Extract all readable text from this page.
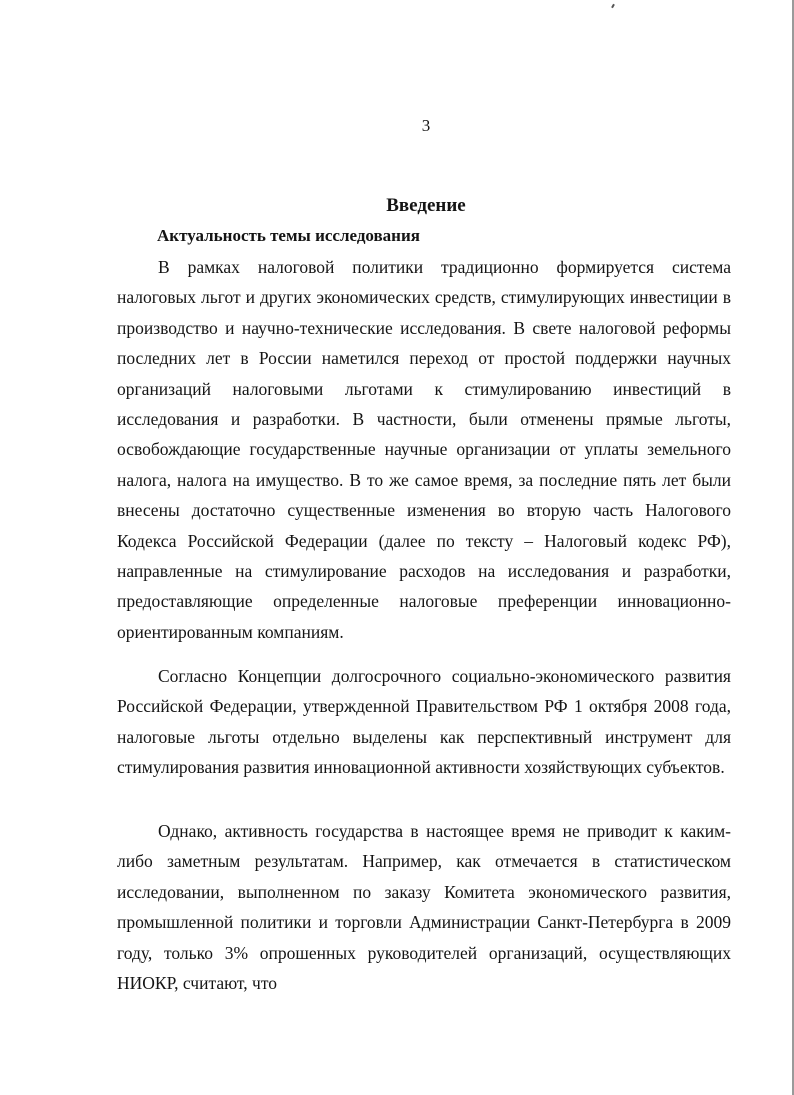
3
Введение
Актуальность темы исследования

В рамках налоговой политики традиционно формируется система налоговых льгот и других экономических средств, стимулирующих инвестиции в производство и научно-технические исследования. В свете налоговой реформы последних лет в России наметился переход от простой поддержки научных организаций налоговыми льготами к стимулированию инвестиций в исследования и разработки. В частности, были отменены прямые льготы, освобождающие государственные научные организации от уплаты земельного налога, налога на имущество. В то же самое время, за последние пять лет были внесены достаточно существенные изменения во вторую часть Налогового Кодекса Российской Федерации (далее по тексту – Налоговый кодекс РФ), направленные на стимулирование расходов на исследования и разработки, предоставляющие определенные налоговые преференции инновационно-ориентированным компаниям.

Согласно Концепции долгосрочного социально-экономического развития Российской Федерации, утвержденной Правительством РФ 1 октября 2008 года, налоговые льготы отдельно выделены как перспективный инструмент для стимулирования развития инновационной активности хозяйствующих субъектов.

Однако, активность государства в настоящее время не приводит к каким-либо заметным результатам. Например, как отмечается в статистическом исследовании, выполненном по заказу Комитета экономического развития, промышленной политики и торговли Администрации Санкт-Петербурга в 2009 году, только 3% опрошенных руководителей организаций, осуществляющих НИОКР, считают, что
